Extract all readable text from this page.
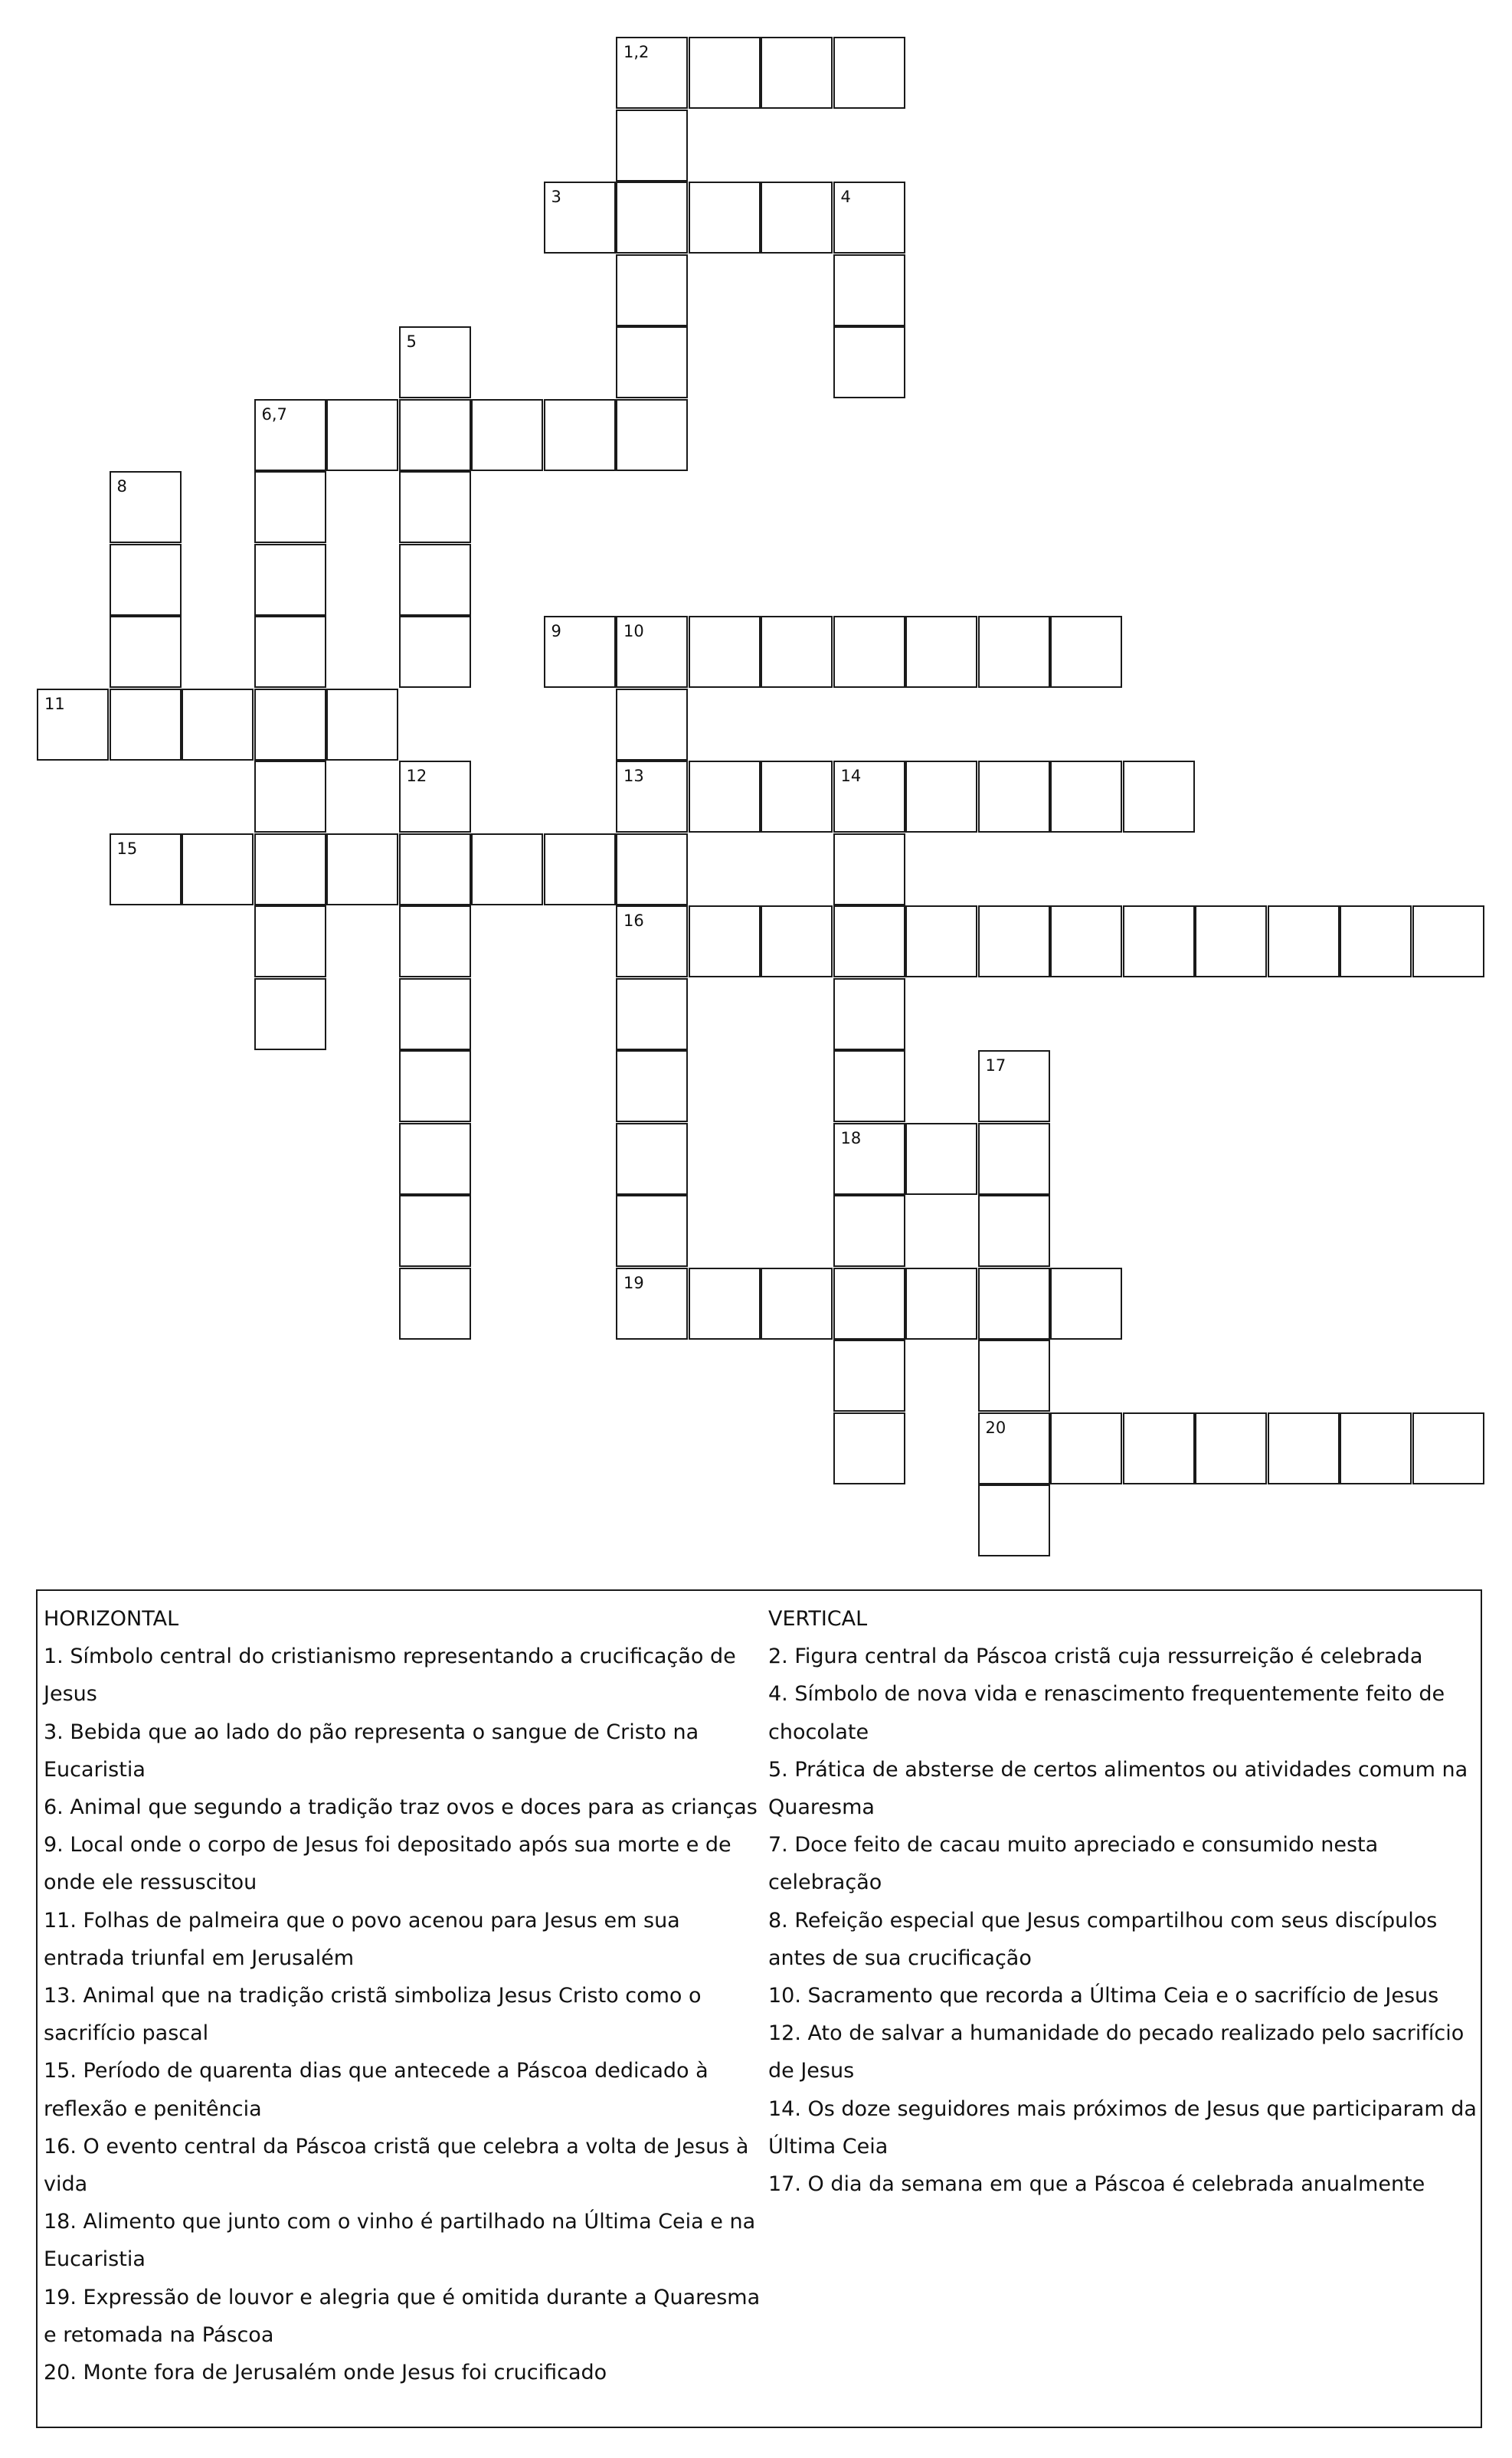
1,2
3	4
5
6,7
8
9	10
11
12	13	14
15
16
17
18
19
20

HORIZONTAL

1. Símbolo central do cristianismo representando a crucificação de Jesus

3. Bebida que ao lado do pão representa o sangue de Cristo na Eucaristia

6. Animal que segundo a tradição traz ovos e doces para as crianças

9. Local onde o corpo de Jesus foi depositado após sua morte e de onde ele ressuscitou

11. Folhas de palmeira que o povo acenou para Jesus em sua entrada triunfal em Jerusalém

13. Animal que na tradição cristã simboliza Jesus Cristo como o sacrifício pascal

15. Período de quarenta dias que antecede a Páscoa dedicado à reflexão e penitência

16. O evento central da Páscoa cristã que celebra a volta de Jesus à vida

18. Alimento que junto com o vinho é partilhado na Última Ceia e na Eucaristia

19. Expressão de louvor e alegria que é omitida durante a Quaresma e retomada na Páscoa

20. Monte fora de Jerusalém onde Jesus foi crucificado

VERTICAL

2. Figura central da Páscoa cristã cuja ressurreição é celebrada

4. Símbolo de nova vida e renascimento frequentemente feito de chocolate

5. Prática de absterse de certos alimentos ou atividades comum na Quaresma

7. Doce feito de cacau muito apreciado e consumido nesta celebração

8. Refeição especial que Jesus compartilhou com seus discípulos antes de sua crucificação

10. Sacramento que recorda a Última Ceia e o sacrifício de Jesus

12. Ato de salvar a humanidade do pecado realizado pelo sacrifício de Jesus

14. Os doze seguidores mais próximos de Jesus que participaram da Última Ceia

17. O dia da semana em que a Páscoa é celebrada anualmente
